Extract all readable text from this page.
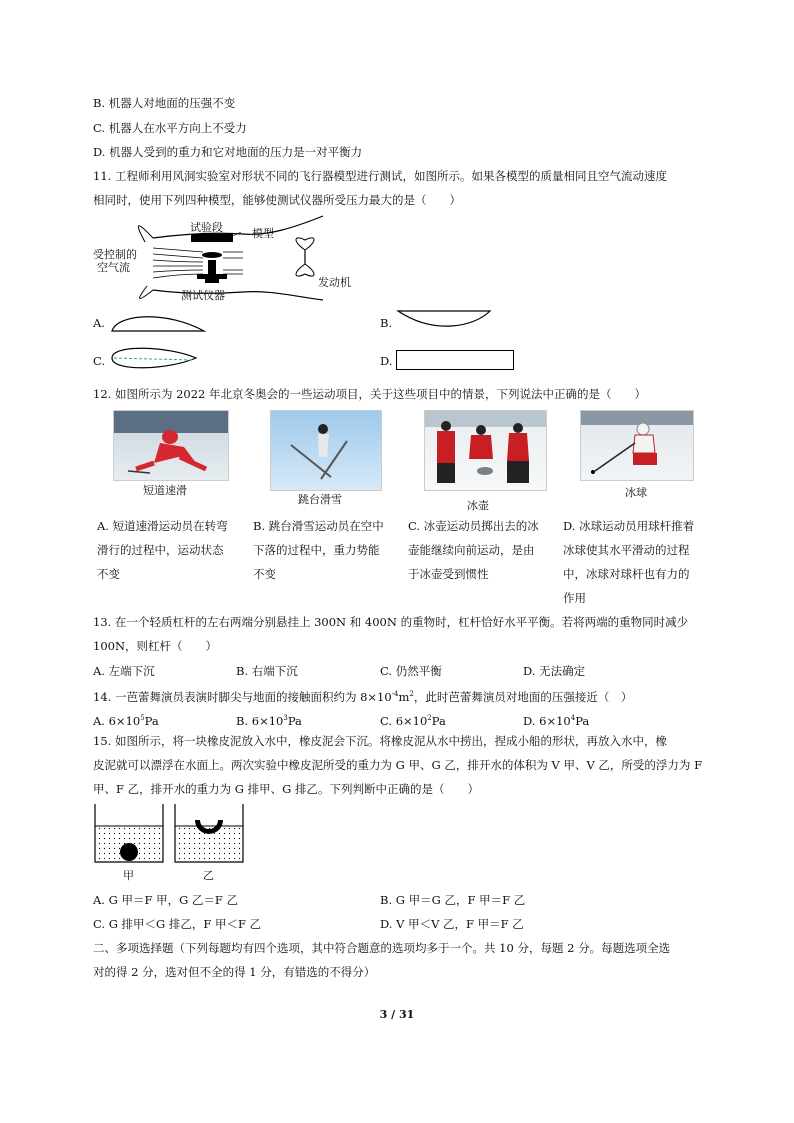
B. 机器人对地面的压强不变
C. 机器人在水平方向上不受力
D. 机器人受到的重力和它对地面的压力是一对平衡力
11. 工程师利用风洞实验室对形状不同的飞行器模型进行测试，如图所示。如果各模型的质量相同且空气流动速度
相同时，使用下列四种模型，能够使测试仪器所受压力最大的是（　　）
试验段	模型
受控制的
空气流
测试仪器
发动机
A.	B.
C.	D.
12. 如图所示为 2022 年北京冬奥会的一些运动项目，关于这些项目中的情景，下列说法中正确的是（　　）
短道速滑
跳台滑雪	冰壶
冰球
A. 短道速滑运动员在转弯
滑行的过程中，运动状态
不变
B. 跳台滑雪运动员在空中
下落的过程中，重力势能
不变
C. 冰壶运动员掷出去的冰
壶能继续向前运动，是由
于冰壶受到惯性
D. 冰球运动员用球杆推着
冰球使其水平滑动的过程
中，冰球对球杆也有力的
作用
13. 在一个轻质杠杆的左右两端分别悬挂上 300N 和 400N 的重物时，杠杆恰好水平平衡。若将两端的重物同时减少
100N，则杠杆（　　）
A. 左端下沉	B. 右端下沉	C. 仍然平衡	D. 无法确定
14. 一芭蕾舞演员表演时脚尖与地面的接触面积约为 $8\times 10^{-4}m^2$，此时芭蕾舞演员对地面的压强接近（　）
A. $6\times 10^5Pa$	B. $6\times 10^3Pa$	C. $6\times 10^2Pa$	D. $6\times 10^4Pa$
15. 如图所示，将一块橡皮泥放入水中，橡皮泥会下沉。将橡皮泥从水中捞出，捏成小船的形状，再放入水中，橡
皮泥就可以漂浮在水面上。两次实验中橡皮泥所受的重力为 G 甲、G 乙，排开水的体积为 V 甲、V 乙，所受的浮力为 F
甲、F 乙，排开水的重力为 G 排甲、G 排乙。下列判断中正确的是（　　）
甲	乙
A. G 甲＝F 甲，G 乙＝F 乙	B. G 甲＝G 乙，F 甲＝F 乙
C. G 排甲＜G 排乙，F 甲＜F 乙	D. V 甲＜V 乙，F 甲＝F 乙
二、多项选择题（下列每题均有四个选项，其中符合题意的选项均多于一个。共 10 分，每题 2 分。每题选项全选
对的得 2 分，选对但不全的得 1 分，有错选的不得分）
3 / 31
